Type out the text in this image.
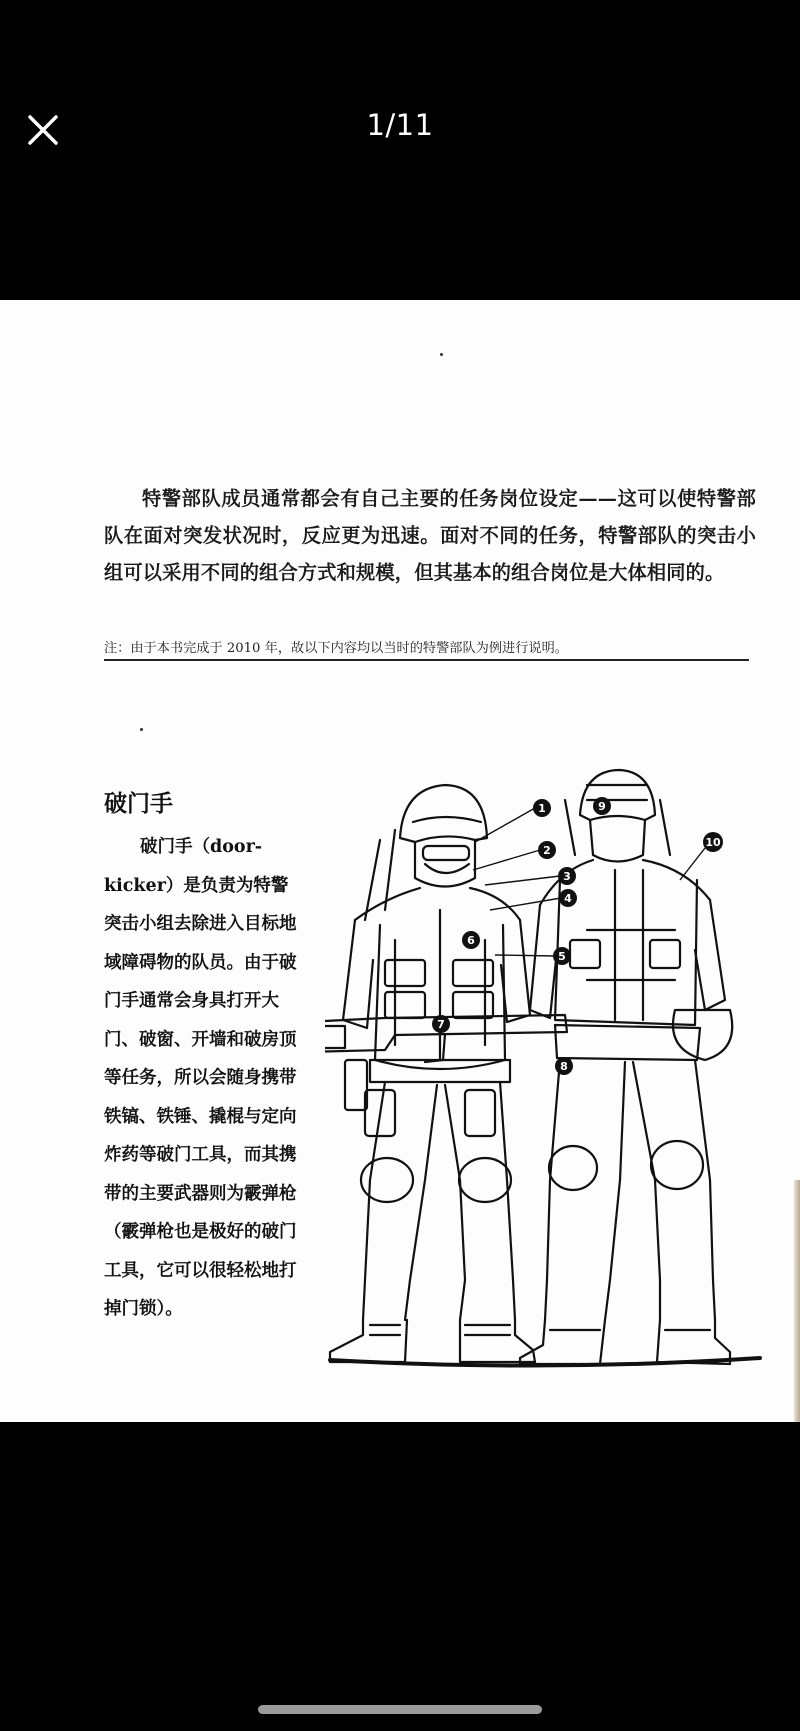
1/11

特警部队成员通常都会有自己主要的任务岗位设定——这可以使特警部队在面对突发状况时，反应更为迅速。面对不同的任务，特警部队的突击小组可以采用不同的组合方式和规模，但其基本的组合岗位是大体相同的。

注：由于本书完成于 2010 年，故以下内容均以当时的特警部队为例进行说明。
破门手

破门手（door-kicker）是负责为特警突击小组去除进入目标地域障碍物的队员。由于破门手通常会身具打开大门、破窗、开墙和破房顶等任务，所以会随身携带铁镐、铁锤、撬棍与定向炸药等破门工具，而其携带的主要武器则为霰弹枪（霰弹枪也是极好的破门工具，它可以很轻松地打掉门锁）。

1
2
3
4
5
6
7
8
9
10
